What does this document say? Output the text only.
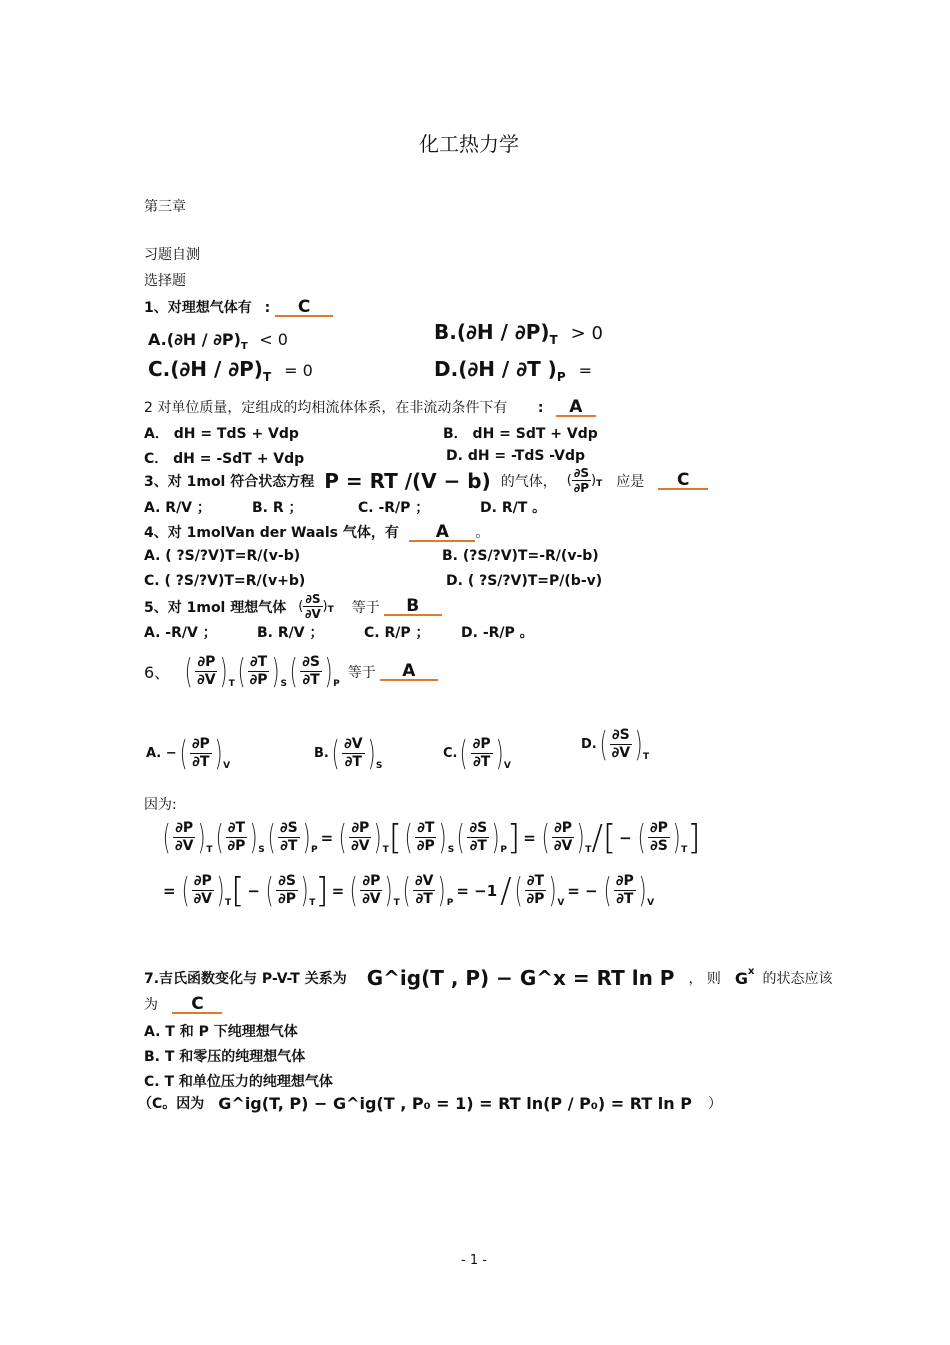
化工热力学
第三章
习题自测
选择题
1、对理想气体有 : C
$A.(\partial H / \partial P)_T < 0$	$B.(\partial H / \partial P)_T > 0$
$C.(\partial H / \partial P)_T = 0$	D.(∂H / ∂T )$_P$ =
2 对单位质量，定组成的均相流体体系，在非流动条件下有 : A
A． dH = TdS + Vdp	B． dH = SdT + Vdp
C． dH = -SdT + Vdp	D. dH = -TdS -Vdp
3、对 1mol 符合状态方程 P = RT /(V − b) 的气体， ( $\frac{\partial S}{\partial P}$ ) T 应是	C
A. R/V ；	B. R ；	C. -R/P ；	D. R/T 。
4、对 1molVan der Waals 气体，有 A 。
A. ( ?S/?V)T=R/(v-b)	B. (?S/?V)T=-R/(v-b)
C. ( ?S/?V)T=R/(v+b)	D. ( ?S/?V)T=P/(b-v)
5、对 1mol 理想气体 ( $\frac{\partial S}{\partial V}$ ) T 等于	B
A. -R/V ；	B. R/V ；	C. R/P ； D. -R/P 。
6、 ( $\frac{\partial P}{\partial V}$ ) T ( $\frac{\partial T}{\partial P}$ ) S ( $\frac{\partial S}{\partial T}$ ) P
等于	A
A. − ( $\frac{\partial P}{\partial T}$ ) V
B. ( $\frac{\partial V}{\partial T}$ ) S
C. ( $\frac{\partial P}{\partial T}$ ) V
D. ( $\frac{\partial S}{\partial V}$ ) T
因为:
( $\frac{\partial P}{\partial V}$ ) T ( $\frac{\partial T}{\partial P}$ ) S ( $\frac{\partial S}{\partial T}$ ) P
= ( $\frac{\partial P}{\partial V}$ ) T [ ( $\frac{\partial T}{\partial P}$ ) S ( $\frac{\partial S}{\partial T}$ ) P ] = ( $\frac{\partial P}{\partial V}$ ) T / [ − ( $\frac{\partial P}{\partial S}$ ) T ]
= ( $\frac{\partial P}{\partial V}$ ) T [ − ( $\frac{\partial S}{\partial P}$ ) T ] = ( $\frac{\partial P}{\partial V}$ ) T ( $\frac{\partial V}{\partial T}$ ) P
= −1 / ( $\frac{\partial T}{\partial P}$ ) V
= − ( $\frac{\partial P}{\partial T}$ ) V
7.吉氏函数变化与 P-V-T 关系为 G^ig(T , P) − G^x = RT ln P ， 则 $G^x$ 的状态应该
为 C
A. T 和 P 下纯理想气体
B. T 和零压的纯理想气体
C. T 和单位压力的纯理想气体
（C。因为 G^ig(T, P) − G^ig(T , P₀ = 1) = RT ln(P / P₀) = RT ln P ）
- 1 -
